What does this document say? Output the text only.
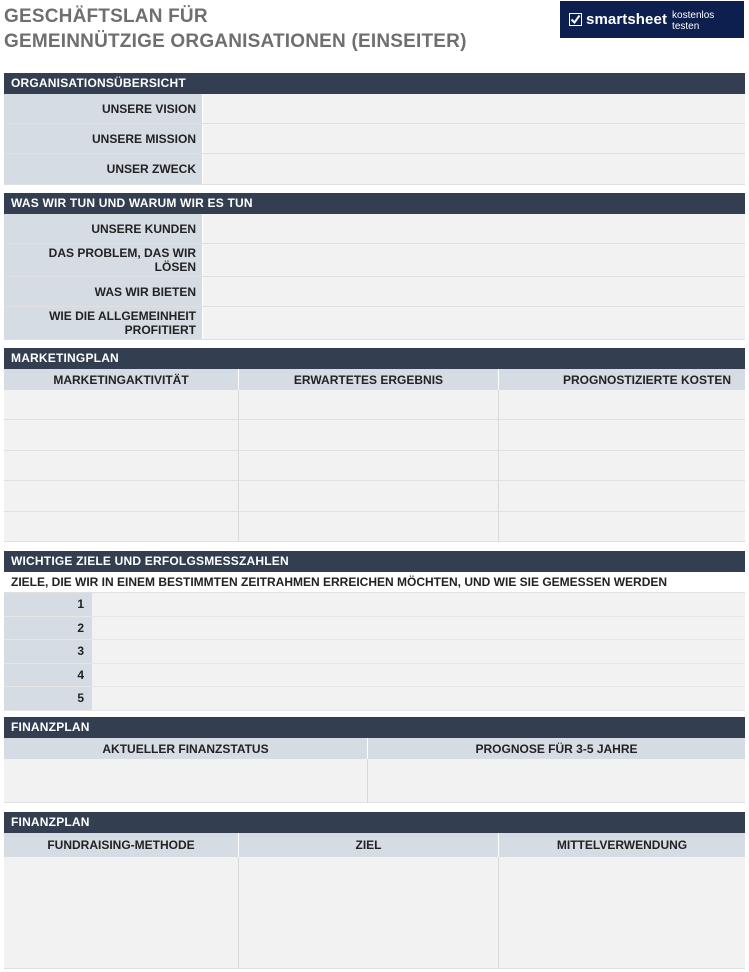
GESCHÄFTSLAN FÜR
GEMEINNÜTZIGE ORGANISATIONEN (EINSEITER)
smartsheet kostenlos testen
ORGANISATIONSÜBERSICHT
UNSERE VISION
UNSERE MISSION
UNSER ZWECK
WAS WIR TUN UND WARUM WIR ES TUN
UNSERE KUNDEN
DAS PROBLEM, DAS WIR LÖSEN
WAS WIR BIETEN
WIE DIE ALLGEMEINHEIT PROFITIERT
MARKETINGPLAN
MARKETINGAKTIVITÄT	ERWARTETES ERGEBNIS	PROGNOSTIZIERTE KOSTEN
WICHTIGE ZIELE UND ERFOLGSMESSZAHLEN
ZIELE, DIE WIR IN EINEM BESTIMMTEN ZEITRAHMEN ERREICHEN MÖCHTEN, UND WIE SIE GEMESSEN WERDEN
1
2
3
4
5
FINANZPLAN
AKTUELLER FINANZSTATUS	PROGNOSE FÜR 3-5 JAHRE
FINANZPLAN
FUNDRAISING-METHODE	ZIEL	MITTELVERWENDUNG
